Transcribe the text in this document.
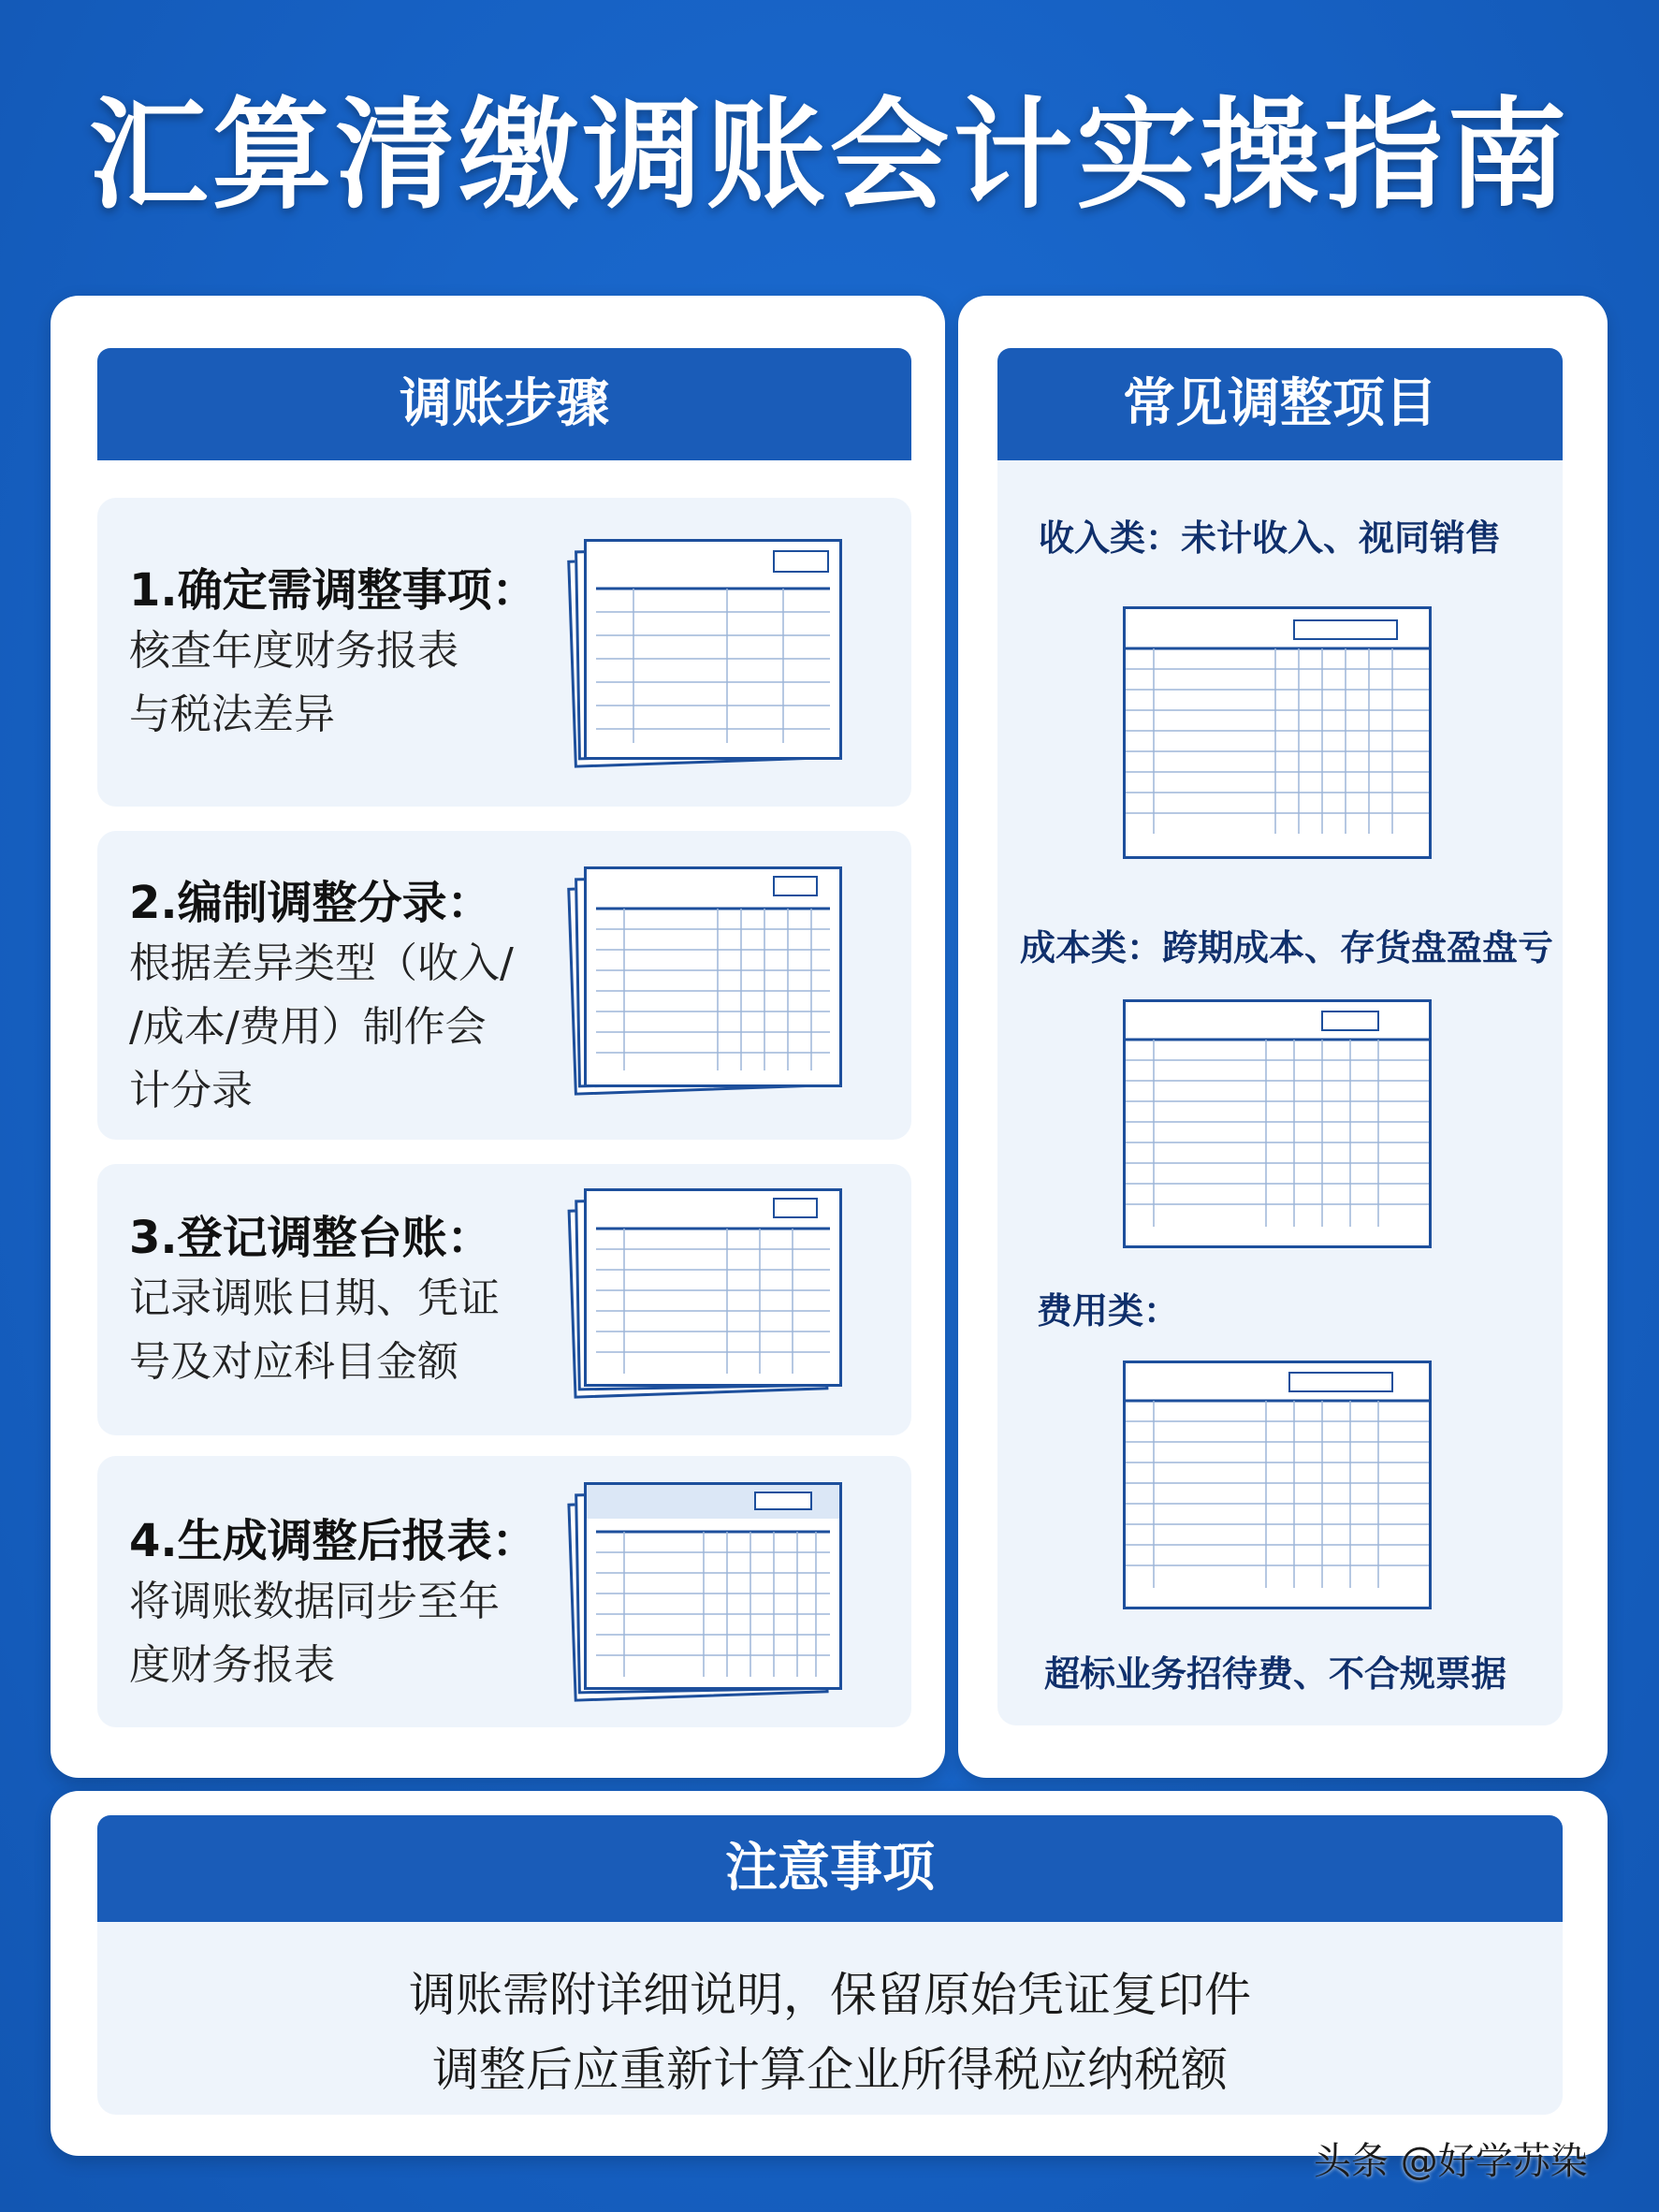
汇算清缴调账会计实操指南
调账步骤
1.确定需调整事项：
核查年度财务报表
与税法差异
2.编制调整分录：
根据差异类型（收入/
/成本/费用）制作会
计分录
3.登记调整台账：
记录调账日期、凭证
号及对应科目金额
4.生成调整后报表：
将调账数据同步至年
度财务报表
常见调整项目
收入类：未计收入、视同销售
成本类：跨期成本、存货盘盈盘亏
费用类：
超标业务招待费、不合规票据
注意事项
调账需附详细说明，保留原始凭证复印件
调整后应重新计算企业所得税应纳税额
头条 @好学苏染
